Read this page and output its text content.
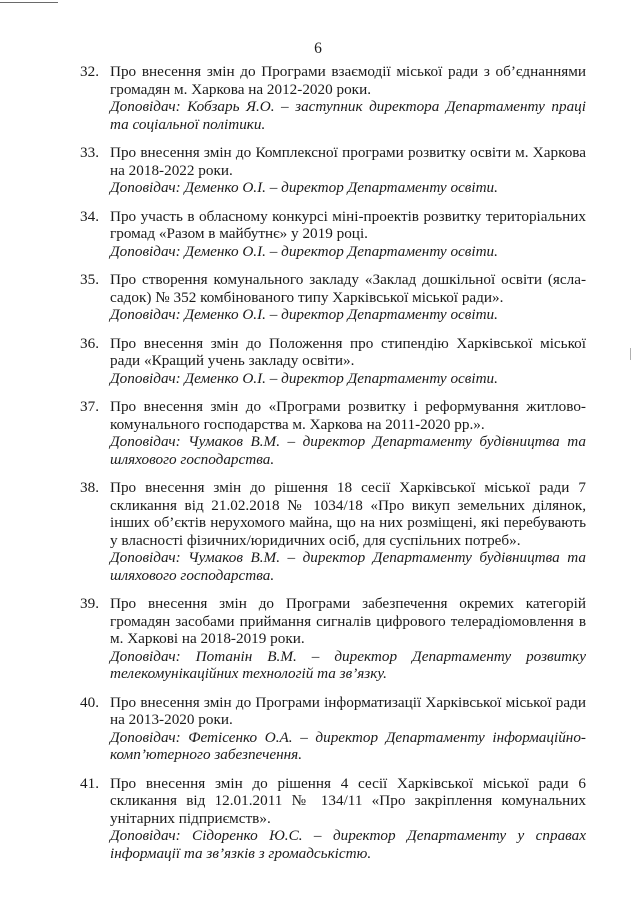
6
32. Про внесення змін до Програми взаємодії міської ради з об’єднаннями громадян м. Харкова на 2012-2020 роки.
Доповідач: Кобзарь Я.О. – заступник директора Департаменту праці та соціальної політики.
33. Про внесення змін до Комплексної програми розвитку освіти м. Харкова на 2018-2022 роки.
Доповідач: Деменко О.І. – директор Департаменту освіти.
34. Про участь в обласному конкурсі міні-проектів розвитку територіальних громад «Разом в майбутнє» у 2019 році.
Доповідач: Деменко О.І. – директор Департаменту освіти.
35. Про створення комунального закладу «Заклад дошкільної освіти (ясла-садок) № 352 комбінованого типу Харківської міської ради».
Доповідач: Деменко О.І. – директор Департаменту освіти.
36. Про внесення змін до Положення про стипендію Харківської міської ради «Кращий учень закладу освіти».
Доповідач: Деменко О.І. – директор Департаменту освіти.
37. Про внесення змін до «Програми розвитку і реформування житлово-комунального господарства м. Харкова на 2011-2020 рр.».
Доповідач: Чумаков В.М. – директор Департаменту будівництва та шляхового господарства.
38. Про внесення змін до рішення 18 сесії Харківської міської ради 7 скликання від 21.02.2018 № 1034/18 «Про викуп земельних ділянок, інших об’єктів нерухомого майна, що на них розміщені, які перебувають у власності фізичних/юридичних осіб, для суспільних потреб».
Доповідач: Чумаков В.М. – директор Департаменту будівництва та шляхового господарства.
39. Про внесення змін до Програми забезпечення окремих категорій громадян засобами приймання сигналів цифрового телерадіомовлення в м. Харкові на 2018-2019 роки.
Доповідач: Потанін В.М. – директор Департаменту розвитку телекомунікаційних технологій та зв’язку.
40. Про внесення змін до Програми інформатизації Харківської міської ради на 2013-2020 роки.
Доповідач: Фетісенко О.А. – директор Департаменту інформаційно-комп’ютерного забезпечення.
41. Про внесення змін до рішення 4 сесії Харківської міської ради 6 скликання від 12.01.2011 № 134/11 «Про закріплення комунальних унітарних підприємств».
Доповідач: Сідоренко Ю.С. – директор Департаменту у справах інформації та зв’язків з громадськістю.
